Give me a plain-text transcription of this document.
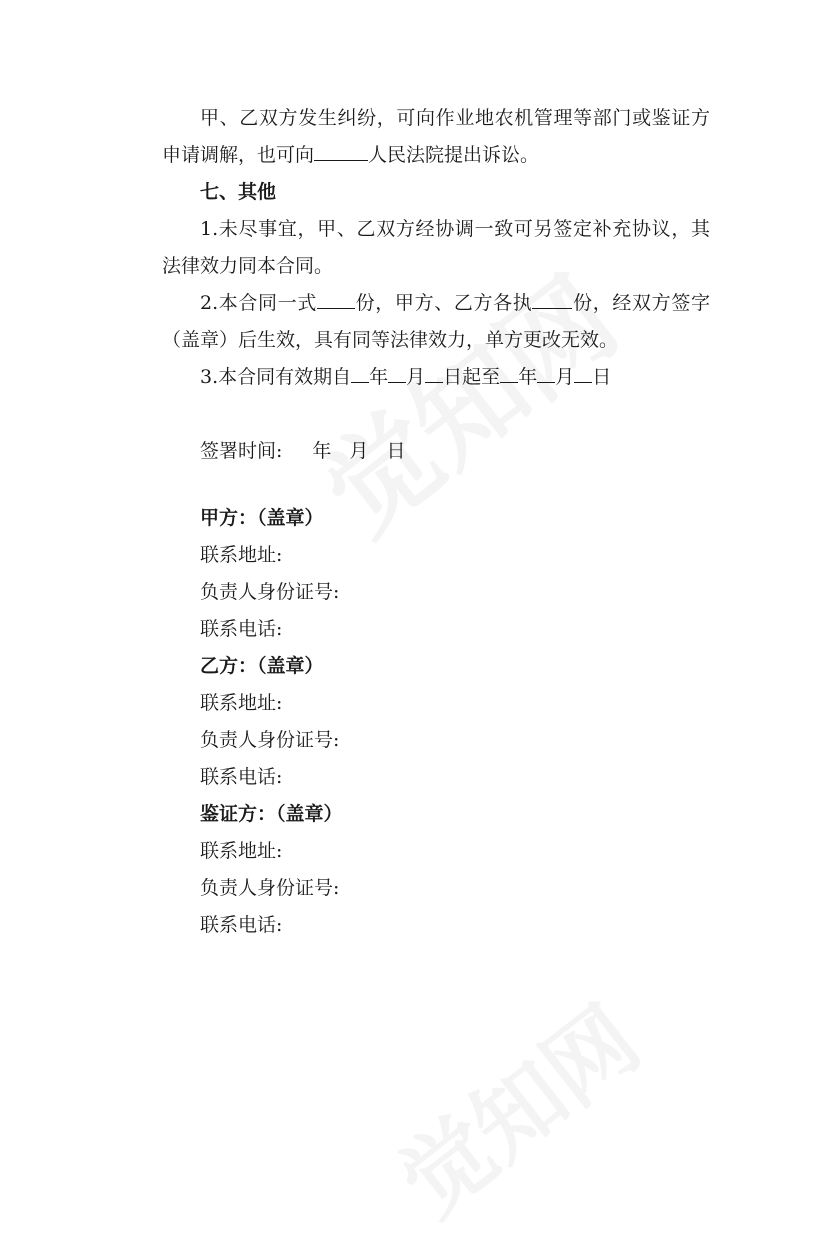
甲、乙双方发生纠纷，可向作业地农机管理等部门或鉴证方申请调解，也可向	人民法院提出诉讼。

七、其他

1.未尽事宜，甲、乙双方经协调一致可另签定补充协议，其法律效力同本合同。

2.本合同一式 份，甲方、乙方各执 份，经双方签字（盖章）后生效，具有同等法律效力，单方更改无效。

3.本合同有效期自 年 月 日起至 年 月 日

签署时间: 年 月 日

甲方：（盖章）

联系地址:

负责人身份证号:

联系电话:

乙方：（盖章）

联系地址:

负责人身份证号:

联系电话:

鉴证方：（盖章）

联系地址:

负责人身份证号:

联系电话:
